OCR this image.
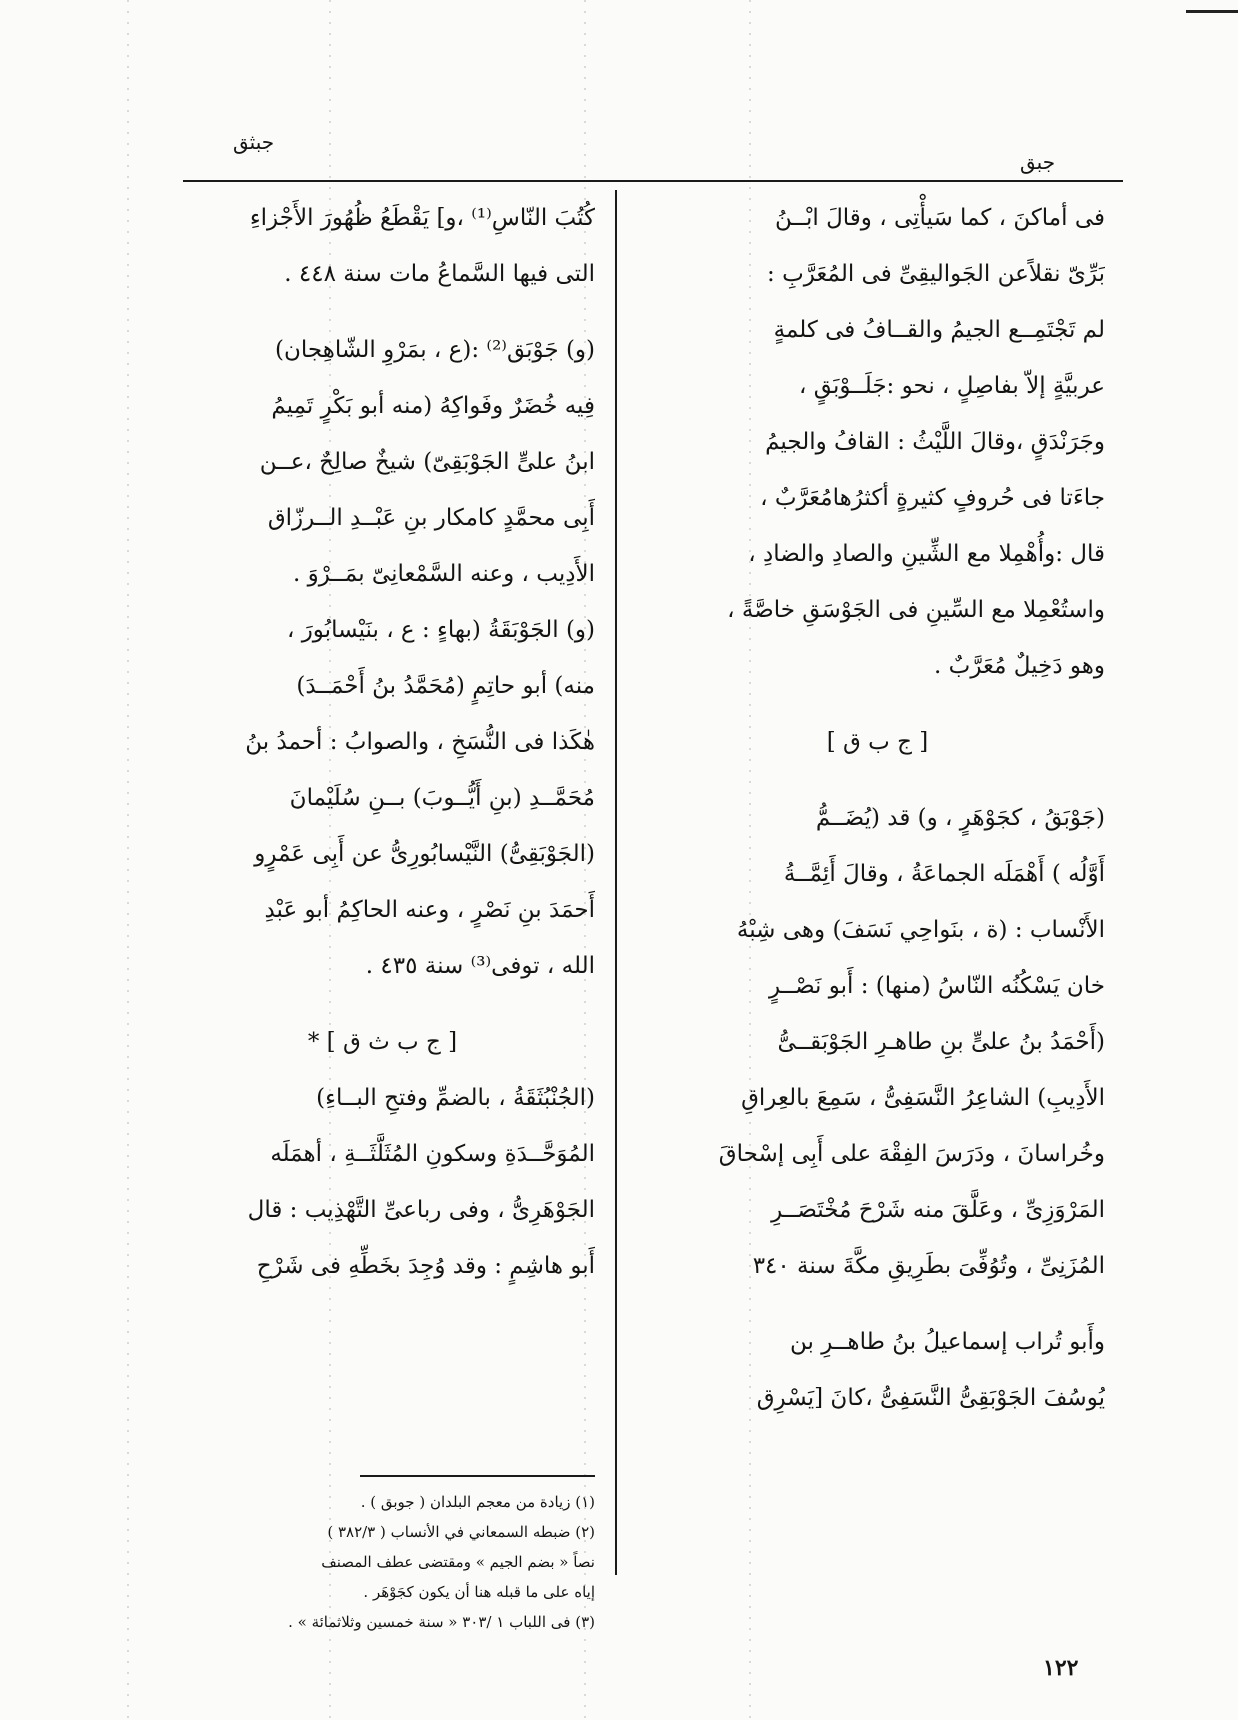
جبثق
جبق
فى أماكنَ ، كما سَيأْتِى ، وقالَ ابْــنُ
بَرِّىّ نقلاًعن الجَواليقِىِّ فى المُعَرَّبِ :
لم تَجْتَمِــع الجيمُ والقــافُ فى كلمةٍ
عربيَّةٍ إلاّ بفاصِلٍ ، نحو :جَلَــوْبَقٍ ،
وجَرَنْدَقٍ ،وقالَ اللَّيْثُ : القافُ والجيمُ
جاءَتا فى حُروفٍ كثيرةٍ أكثرُهامُعَرَّبٌ ،
قال :وأُهْمِلا مع الشِّينِ والصادِ والضادِ ،
واستُعْمِلا مع السِّينِ فى الجَوْسَقِ خاصَّةً ،
وهو دَخِيلٌ مُعَرَّبٌ .
[ ج ب ق ]
(جَوْبَقُ ، كجَوْهَرٍ ، و) قد (يُضَــمُّ
أَوَّلُه ) أَهْمَلَه الجماعَةُ ، وقالَ أَئِمَّــةُ
الأَنْساب : (ة ، بنَواحِي نَسَفَ) وهى شِبْهُ
خان يَسْكُنُه النّاسُ (منها) : أَبو نَصْــرٍ
(أَحْمَدُ بنُ علىٍّ بنِ طاهـرِ الجَوْبَقــىُّ
الأَدِيبِ) الشاعِرُ النَّسَفِىُّ ، سَمِعَ بالعِراقِ
وخُراسانَ ، ودَرَسَ الفِقْهَ على أَبِى إسْحاقَ
المَرْوَزِىِّ ، وعَلَّقَ منه شَرْحَ مُخْتَصَــرِ
المُزَنِىِّ ، وتُوُفِّىَ بطَرِيقِ مكَّةَ سنة ٣٤٠
وأَبو تُراب إسماعيلُ بنُ طاهــرِ بن
يُوسُفَ الجَوْبَقِىُّ النَّسَفِىُّ ،كانَ [يَسْرِق
كُتُبَ النّاسِ⁽¹⁾ ،و] يَقْطَعُ ظُهُورَ الأَجْزاءِ
التى فيها السَّماعُ مات سنة ٤٤٨ .
(و) جَوْبَق⁽²⁾ :(ع ، بمَرْوِ الشّاهِجان)
فِيه خُضَرٌ وفَواكِهُ (منه أبو بَكْرٍ تَمِيمُ
ابنُ علىٍّ الجَوْبَقِىّ) شيخٌ صالِحٌ ،عــن
أَبِى محمَّدٍ كامكار بنِ عَبْــدِ الــرزّاق
الأَدِيب ، وعنه السَّمْعانِىّ بمَــرْوَ .
(و) الجَوْبَقَةُ (بهاءٍ : ع ، بنَيْسابُورَ ،
منه) أبو حاتِمٍ (مُحَمَّدُ بنُ أَحْمَــدَ)
هٰكَذا فى النُّسَخِ ، والصوابُ : أحمدُ بنُ
مُحَمَّــدِ (بنِ أَيُّــوبَ) بــنِ سُلَيْمانَ
(الجَوْبَقِىُّ) النَّيْسابُورِىُّ عن أَبِى عَمْرٍو
أَحمَدَ بنِ نَصْرٍ ، وعنه الحاكِمُ أبو عَبْدِ
الله ، توفى⁽³⁾ سنة ٤٣٥ .
[ ج ب ث ق ] *
(الجُنْبُثَقَةُ ، بالضمِّ وفتحِ البــاءِ)
المُوَحَّــدَةِ وسكونِ المُثَلَّثَــةِ ، أهمَلَه
الجَوْهَرِىُّ ، وفى رباعىِّ التَّهْذِيب : قال
أَبو هاشِمٍ : وقد وُجِدَ بخَطِّهِ فى شَرْحِ
(١) زيادة من معجم البلدان ( جوبق ) .
(٢) ضبطه السمعاني في الأنساب ( ٣٨٢/٣ )
نصاً « بضم الجيم » ومقتضى عطف المصنف
إياه على ما قبله هنا أن يكون كجَوْهَر .
(٣) فى اللباب ١ /٣٠٣ « سنة خمسين وثلاثمائة » .
١٢٢
